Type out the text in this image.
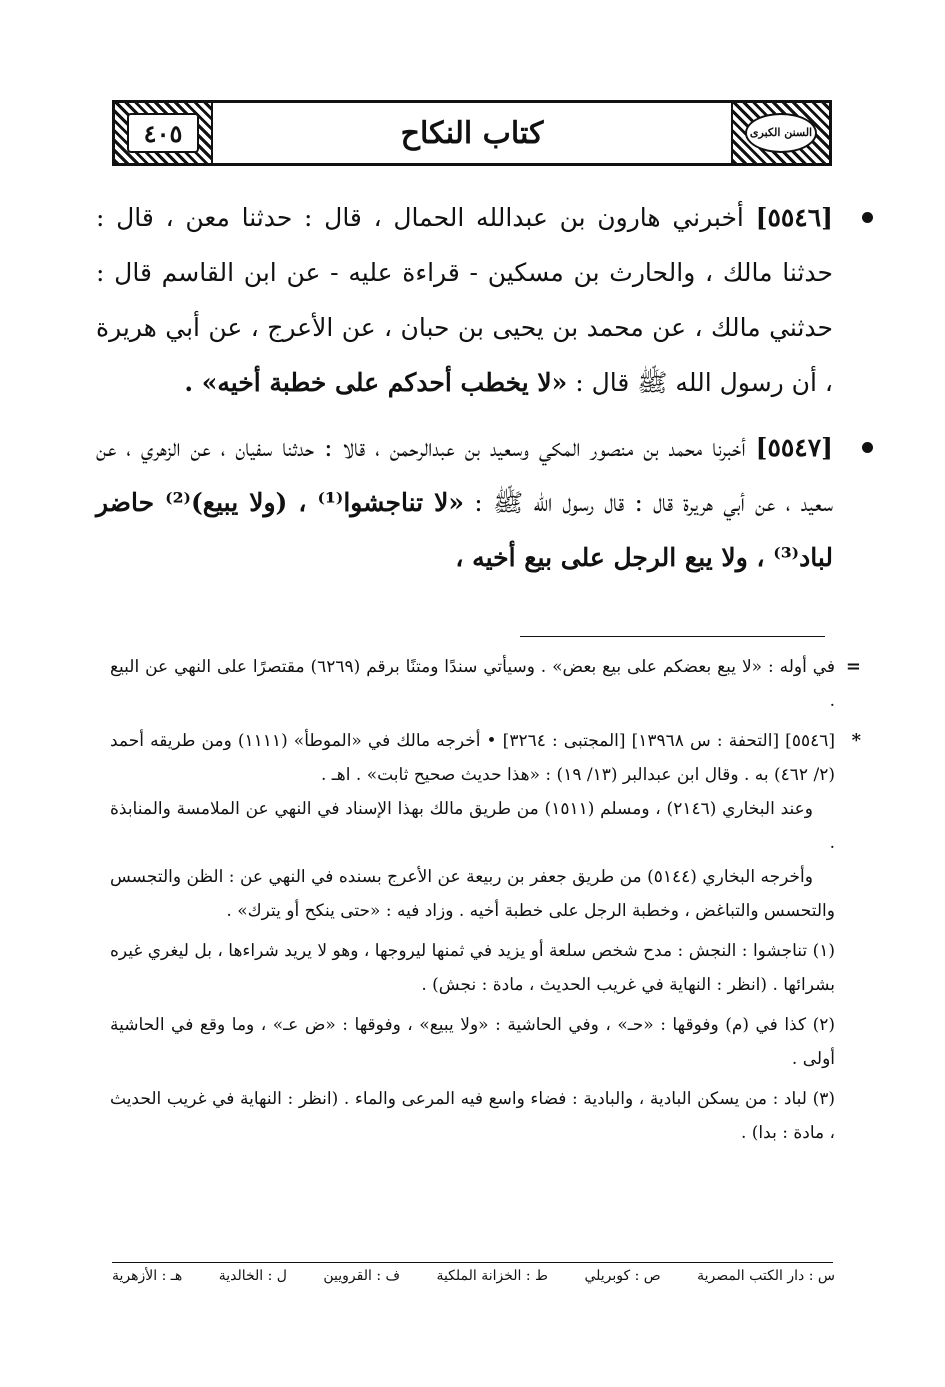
السنن الكبرى
كتاب النكاح
٤٠٥
[٥٥٤٦] أخبرني هارون بن عبدالله الحمال ، قال : حدثنا معن ، قال : حدثنا مالك ، والحارث بن مسكين - قراءة عليه - عن ابن القاسم قال : حدثني مالك ، عن محمد بن يحيى بن حبان ، عن الأعرج ، عن أبي هريرة ، أن رسول الله ﷺ قال : «لا يخطب أحدكم على خطبة أخيه» .
[٥٥٤٧] أخبرنا محمد بن منصور المكي وسعيد بن عبدالرحمن ، قالا : حدثنا سفيان ، عن الزهري ، عن سعيد ، عن أبي هريرة قال : قال رسول الله ﷺ : «لا تناجشوا⁽¹⁾ ، (ولا يبيع)⁽²⁾ حاضر لباد⁽³⁾ ، ولا يبع الرجل على بيع أخيه ،
=
في أوله : «لا يبع بعضكم على بيع بعض» . وسيأتي سندًا ومتنًا برقم (٦٢٦٩) مقتصرًا على النهي عن البيع .
*
[٥٥٤٦] [التحفة : س ١٣٩٦٨] [المجتبى : ٣٢٦٤] • أخرجه مالك في «الموطأ» (١١١١) ومن طريقه أحمد (٢/ ٤٦٢) به . وقال ابن عبدالبر (١٣/ ١٩) : «هذا حديث صحيح ثابت» . اهـ .
وعند البخاري (٢١٤٦) ، ومسلم (١٥١١) من طريق مالك بهذا الإسناد في النهي عن الملامسة والمنابذة .
وأخرجه البخاري (٥١٤٤) من طريق جعفر بن ربيعة عن الأعرج بسنده في النهي عن : الظن والتجسس والتحسس والتباغض ، وخطبة الرجل على خطبة أخيه . وزاد فيه : «حتى ينكح أو يترك» .
(١) تناجشوا : النجش : مدح شخص سلعة أو يزيد في ثمنها ليروجها ، وهو لا يريد شراءها ، بل ليغري غيره بشرائها . (انظر : النهاية في غريب الحديث ، مادة : نجش) .
(٢) كذا في (م) وفوقها : «حـ» ، وفي الحاشية : «ولا يبيع» ، وفوقها : «ض عـ» ، وما وقع في الحاشية أولى .
(٣) لباد : من يسكن البادية ، والبادية : فضاء واسع فيه المرعى والماء . (انظر : النهاية في غريب الحديث ، مادة : بدا) .
س : دار الكتب المصرية
ص : كوبريلي
ط : الخزانة الملكية
ف : القرويين
ل : الخالدية
هـ : الأزهرية
